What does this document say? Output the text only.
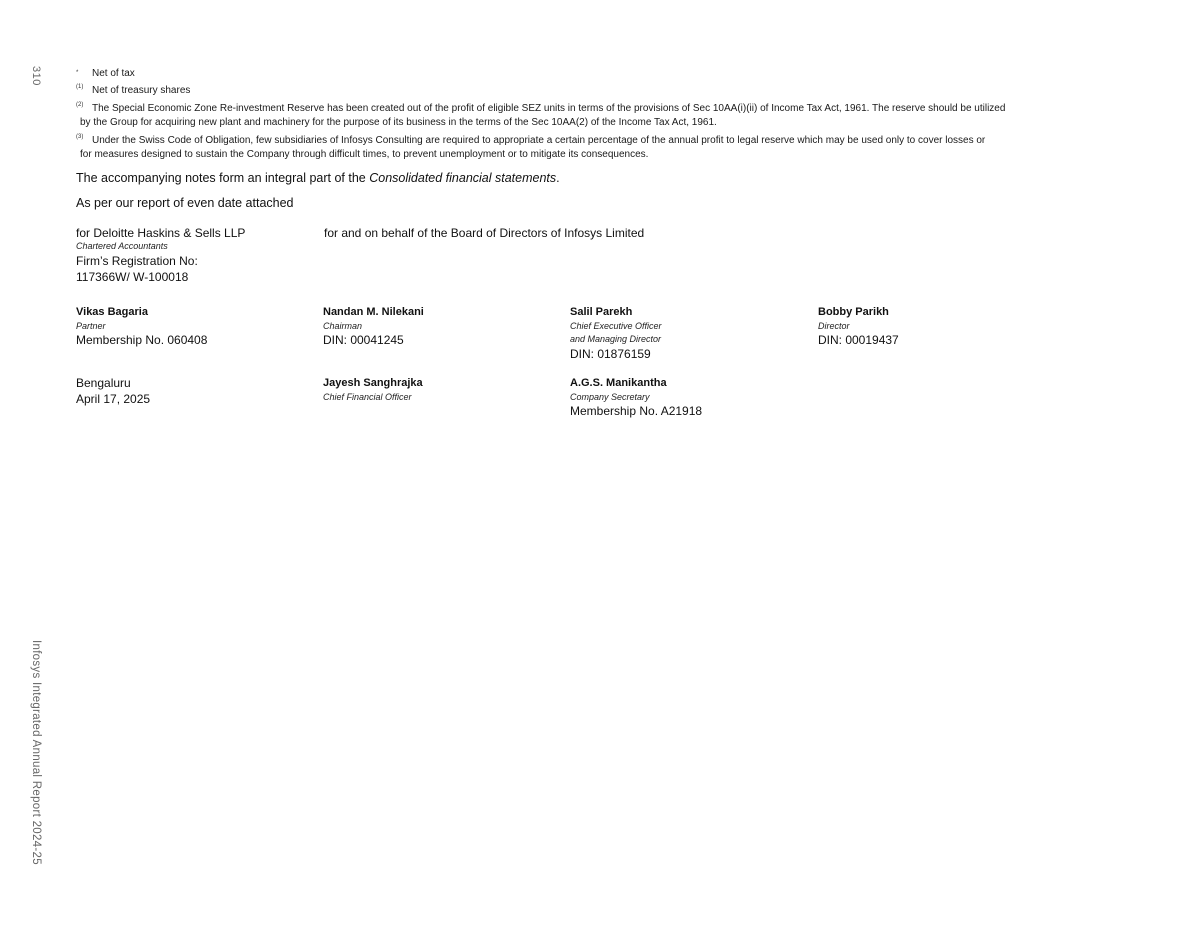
310
Infosys Integrated Annual Report 2024-25
*	Net of tax
(1) Net of treasury shares
(2) The Special Economic Zone Re-investment Reserve has been created out of the profit of eligible SEZ units in terms of the provisions of Sec 10AA(i)(ii) of Income Tax Act, 1961. The reserve should be utilized
by the Group for acquiring new plant and machinery for the purpose of its business in the terms of the Sec 10AA(2) of the Income Tax Act, 1961.
(3) Under the Swiss Code of Obligation, few subsidiaries of Infosys Consulting are required to appropriate a certain percentage of the annual profit to legal reserve which may be used only to cover losses or
for measures designed to sustain the Company through difficult times, to prevent unemployment or to mitigate its consequences.
The accompanying notes form an integral part of the Consolidated financial statements.
As per our report of even date attached
for Deloitte Haskins & Sells LLP
Chartered Accountants
Firm’s Registration No:
117366W/ W-100018
for and on behalf of the Board of Directors of Infosys Limited
Vikas Bagaria
Partner
Membership No. 060408
Nandan M. Nilekani
Chairman
DIN: 00041245
Salil Parekh
Chief Executive Officer
and Managing Director
DIN: 01876159
Bobby Parikh
Director
DIN: 00019437
Bengaluru
April 17, 2025
Jayesh Sanghrajka
Chief Financial Officer
A.G.S. Manikantha
Company Secretary
Membership No. A21918
